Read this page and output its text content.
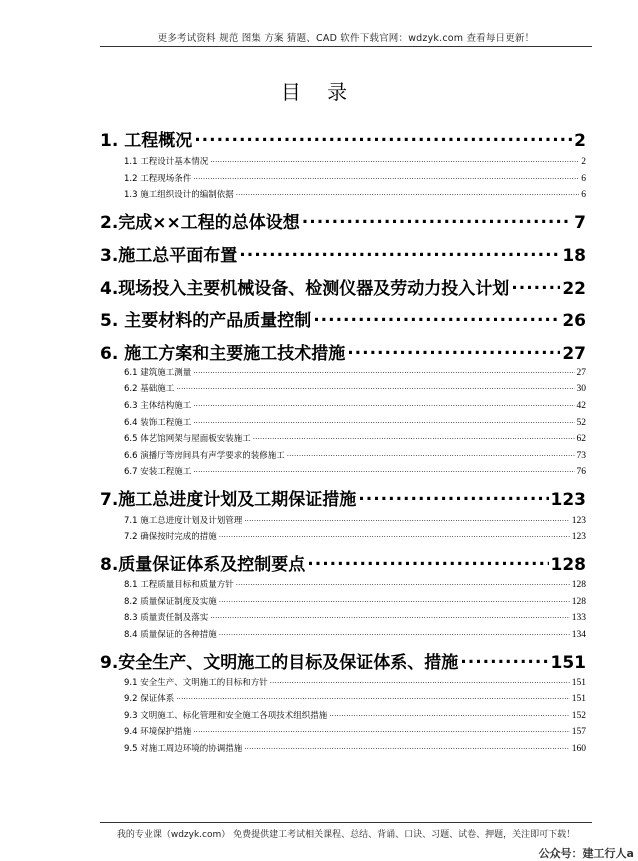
更多考试资料 规范 图集 方案 猜题、CAD 软件下载官网：wdzyk.com 查看每日更新！
目 录
1. 工程概况 .....	2
1.1 工程设计基本情况 .....	2
1.2 工程现场条件 .....	6
1.3 施工组织设计的编制依据 .....	6
2.完成××工程的总体设想 .....	7
3.施工总平面布置 .....	18
4.现场投入主要机械设备、检测仪器及劳动力投入计划 .....	22
5. 主要材料的产品质量控制 .....	26
6. 施工方案和主要施工技术措施 .....	27
6.1 建筑施工测量 .....	27
6.2 基础施工 .....	30
6.3 主体结构施工 .....	42
6.4 装饰工程施工 .....	52
6.5 体艺馆网架与屋面板安装施工 .....	62
6.6 演播厅等房间具有声学要求的装修施工 .....	73
6.7 安装工程施工 .....	76
7.施工总进度计划及工期保证措施 .....	123
7.1 施工总进度计划及计划管理 .....	123
7.2 确保按时完成的措施 .....	123
8.质量保证体系及控制要点 .....	128
8.1 工程质量目标和质量方针 .....	128
8.2 质量保证制度及实施 .....	128
8.3 质量责任制及落实 .....	133
8.4 质量保证的各种措施 .....	134
9.安全生产、文明施工的目标及保证体系、措施 .....	151
9.1 安全生产、文明施工的目标和方针 .....	151
9.2 保证体系 .....	151
9.3 文明施工、标化管理和安全施工各项技术组织措施 .....	152
9.4 环境保护措施 .....	157
9.5 对施工周边环境的协调措施 .....	160
我的专业课（wdzyk.com） 免费提供建工考试相关课程、总结、背诵、口诀、习题、试卷、押题，关注即可下载！
公众号：建工行人a
